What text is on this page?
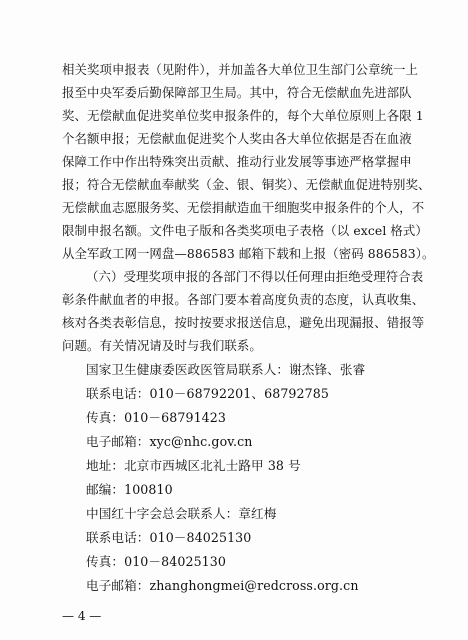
相关奖项申报表（见附件），并加盖各大单位卫生部门公章统一上
报至中央军委后勤保障部卫生局。其中，符合无偿献血先进部队
奖、无偿献血促进奖单位奖申报条件的，每个大单位原则上各限 1
个名额申报；无偿献血促进奖个人奖由各大单位依据是否在血液
保障工作中作出特殊突出贡献、推动行业发展等事迹严格掌握申
报；符合无偿献血奉献奖（金、银、铜奖）、无偿献血促进特别奖、
无偿献血志愿服务奖、无偿捐献造血干细胞奖申报条件的个人，不
限制申报名额。文件电子版和各类奖项电子表格（以 excel 格式）
从全军政工网一网盘—886583 邮箱下载和上报（密码 886583）。
（六）受理奖项申报的各部门不得以任何理由拒绝受理符合表
彰条件献血者的申报。各部门要本着高度负责的态度，认真收集、
核对各类表彰信息，按时按要求报送信息，避免出现漏报、错报等
问题。有关情况请及时与我们联系。
国家卫生健康委医政医管局联系人：谢杰锋、张睿
联系电话：010－68792201、68792785
传真：010－68791423
电子邮箱：xyc@nhc.gov.cn
地址：北京市西城区北礼士路甲 38 号
邮编：100810
中国红十字会总会联系人：章红梅
联系电话：010－84025130
传真：010－84025130
电子邮箱：zhanghongmei@redcross.org.cn
— 4 —
